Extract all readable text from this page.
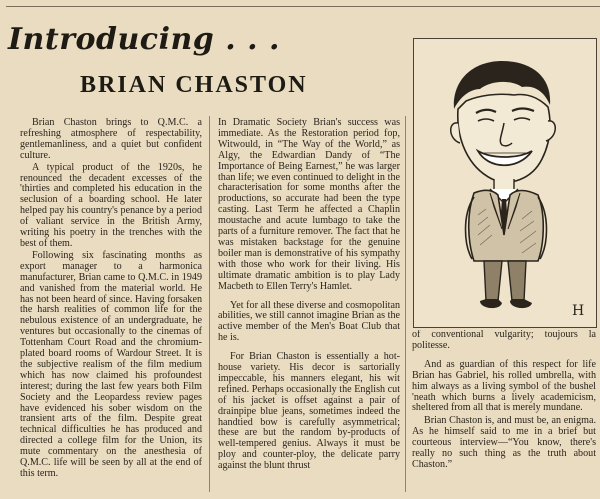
Introducing . . .
BRIAN CHASTON

Brian Chaston brings to Q.M.C. a refreshing atmosphere of respectability, gentlemanliness, and a quiet but confident culture.

A typical product of the 1920s, he renounced the decadent excesses of the 'thirties and completed his education in the seclusion of a boarding school. He later helped pay his country's penance by a period of valiant service in the British Army, writing his poetry in the trenches with the best of them.

Following six fascinating months as export manager to a harmonica manufacturer, Brian came to Q.M.C. in 1949 and vanished from the material world. He has not been heard of since. Having forsaken the harsh realities of common life for the nebulous existence of an undergraduate, he ventures but occasionally to the cinemas of Tottenham Court Road and the chromium-plated board rooms of Wardour Street. It is the subjective realism of the film medium which has now claimed his profoundest interest; during the last few years both Film Society and the Leopardess review pages have evidenced his sober wisdom on the transient arts of the film. Despite great technical difficulties he has produced and directed a college film for the Union, its mute commentary on the anesthesia of Q.M.C. life will be seen by all at the end of this term.

In Dramatic Society Brian's success was immediate. As the Restoration period fop, Witwould, in “The Way of the World,” as Algy, the Edwardian Dandy of “The Importance of Being Earnest,” he was larger than life; we even continued to delight in the characterisation for some months after the productions, so accurate had been the type casting. Last Term he affected a Chaplin moustache and acute lumbago to take the parts of a furniture remover. The fact that he was mistaken backstage for the genuine boiler man is demonstrative of his sympathy with those who work for their living. His ultimate dramatic ambition is to play Lady Macbeth to Ellen Terry's Hamlet.

Yet for all these diverse and cosmopolitan abilities, we still cannot imagine Brian as the active member of the Men's Boat Club that he is.

For Brian Chaston is essentially a hot-house variety. His decor is sartorially impeccable, his manners elegant, his wit refined. Perhaps occasionally the English cut of his jacket is offset against a pair of drainpipe blue jeans, sometimes indeed the handtied bow is carefully asymmetrical; these are but the random by-products of well-tempered genius. Always it must be ploy and counter-ploy, the delicate parry against the blunt thrust

H

of conventional vulgarity; toujours la politesse.

And as guardian of this respect for life Brian has Gabriel, his rolled umbrella, with him always as a living symbol of the bushel 'neath which burns a lively academicism, sheltered from all that is merely mundane.

Brian Chaston is, and must be, an enigma. As he himself said to me in a brief but courteous interview—“You know, there's really no such thing as the truth about Chaston.”
